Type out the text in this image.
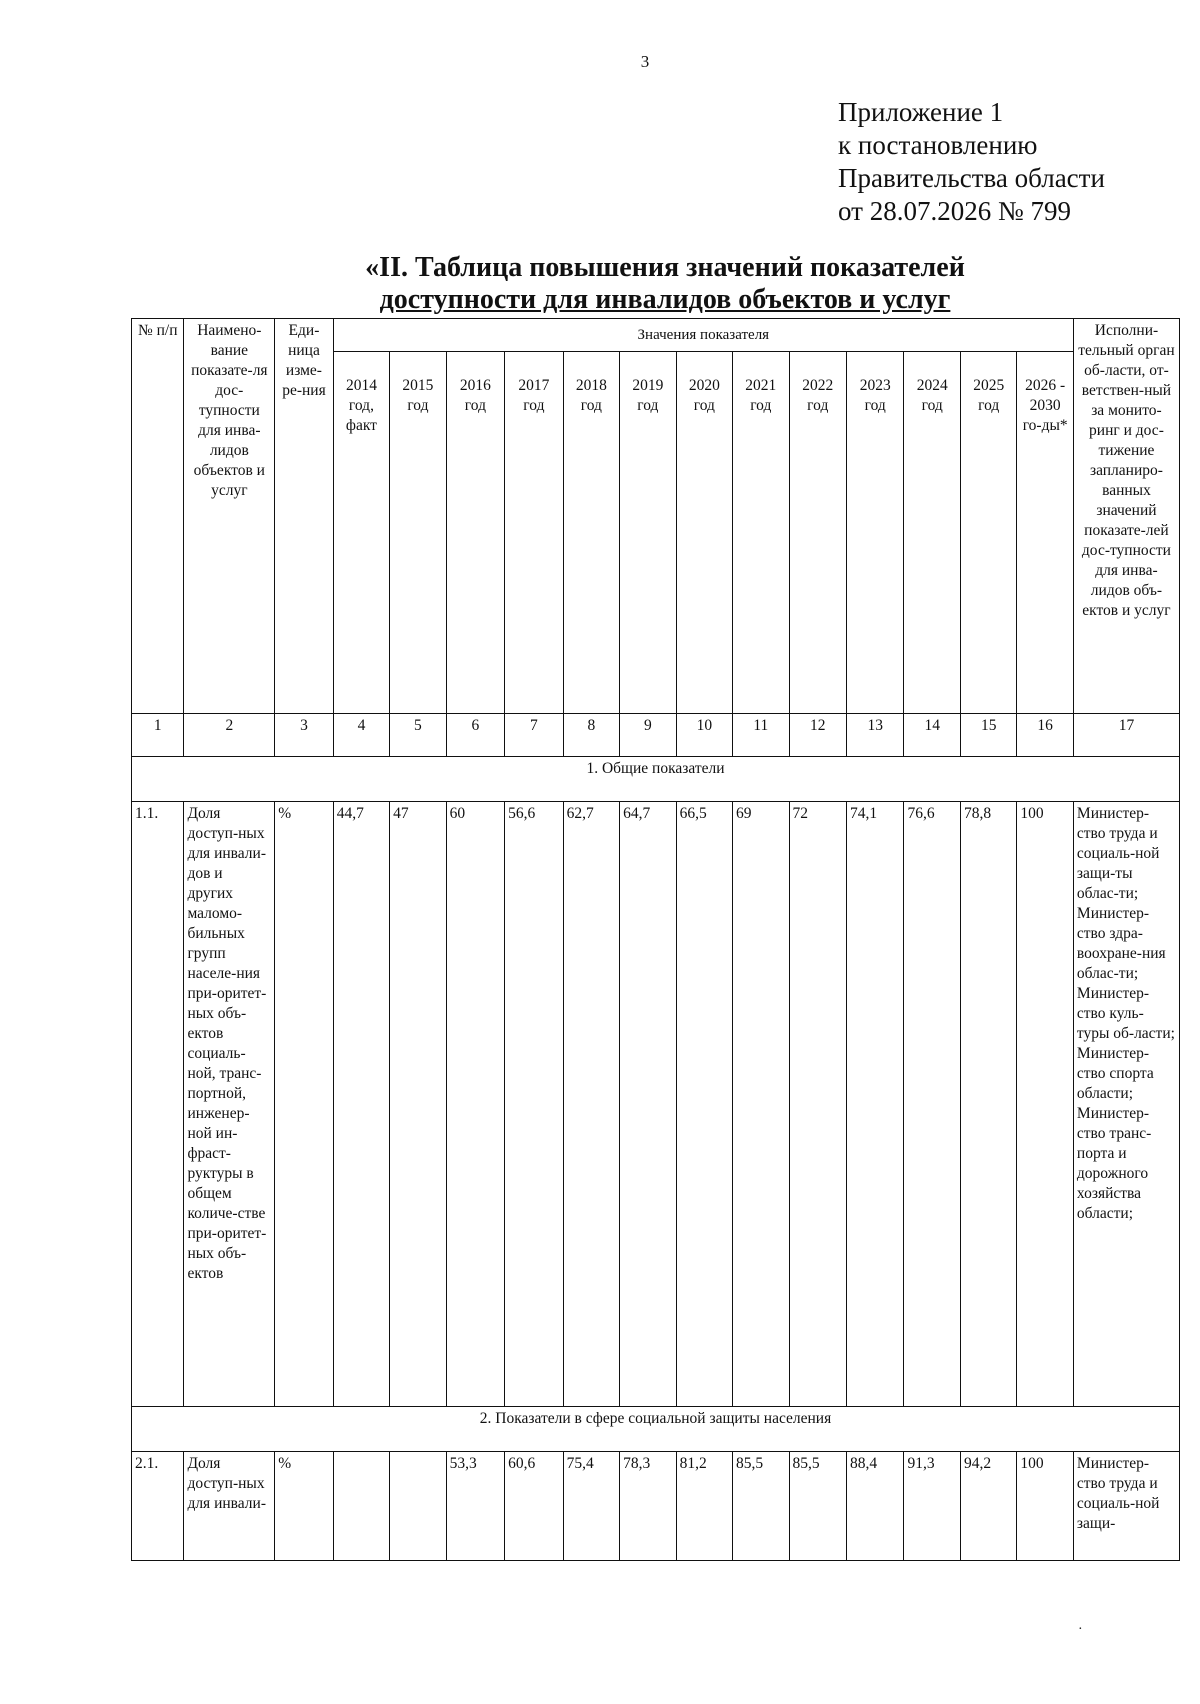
3
Приложение 1
к постановлению
Правительства области
от 28.07.2026 № 799
«II. Таблица повышения значений показателей
доступности для инвалидов объектов и услуг
№ п/п	Наимено-вание показате-ля дос-тупности для инва-лидов объектов и услуг	Еди-ница изме-ре-ния	Значения показателя													Исполни-тельный орган об-ласти, от-ветствен-ный за монито-ринг и дос-тижение запланиро-ванных значений показате-лей дос-тупности для инва-лидов объ-ектов и услуг
			2014 год, факт	2015 год	2016 год	2017 год	2018 год	2019 год	2020 год	2021 год	2022 год	2023 год	2024 год	2025 год	2026 - 2030 го-ды*	
1	2	3	4	5	6	7	8	9	10	11	12	13	14	15	16	17
1. Общие показатели																
1.1.	Доля доступ-ных для инвали-дов и других маломо-бильных групп населе-ния при-оритет-ных объ-ектов социаль-ной, транс-портной, инженер-ной ин-фраст-руктуры в общем количе-стве при-оритет-ных объ-ектов	%	44,7	47	60	56,6	62,7	64,7	66,5	69	72	74,1	76,6	78,8	100	Министер-ство труда и социаль-ной защи-ты облас-ти; Министер-ство здра-воохране-ния облас-ти; Министер-ство куль-туры об-ласти; Министер-ство спорта области; Министер-ство транс-порта и дорожного хозяйства области;
2. Показатели в сфере социальной защиты населения																
2.1.	Доля доступ-ных для инвали-	%			53,3	60,6	75,4	78,3	81,2	85,5	85,5	88,4	91,3	94,2	100	Министер-ство труда и социаль-ной защи-
·
